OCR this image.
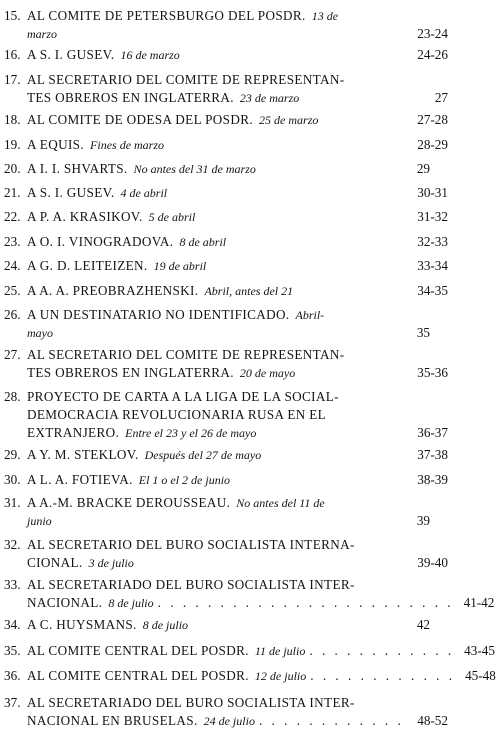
15. AL COMITE DE PETERSBURGO DEL POSDR. 13 de
marzo	23-24
16. A S. I. GUSEV. 16 de marzo	24-26
17. AL SECRETARIO DEL COMITE DE REPRESENTAN-
TES OBREROS EN INGLATERRA. 23 de marzo	27
18. AL COMITE DE ODESA DEL POSDR. 25 de marzo	27-28
19. A EQUIS. Fines de marzo	28-29
20. A I. I. SHVARTS. No antes del 31 de marzo	29
21. A S. I. GUSEV. 4 de abril	30-31
22. A P. A. KRASIKOV. 5 de abril	31-32
23. A O. I. VINOGRADOVA. 8 de abril	32-33
24. A G. D. LEITEIZEN. 19 de abril	33-34
25. A A. A. PREOBRAZHENSKI. Abril, antes del 21	34-35
26. A UN DESTINATARIO NO IDENTIFICADO. Abril-
mayo	35
27. AL SECRETARIO DEL COMITE DE REPRESENTAN-
TES OBREROS EN INGLATERRA. 20 de mayo	35-36
28. PROYECTO DE CARTA A LA LIGA DE LA SOCIAL-
DEMOCRACIA REVOLUCIONARIA RUSA EN EL
EXTRANJERO. Entre el 23 y el 26 de mayo	36-37
29. A Y. M. STEKLOV. Después del 27 de mayo	37-38
30. A L. A. FOTIEVA. El 1 o el 2 de junio	38-39
31. A A.-M. BRACKE DEROUSSEAU. No antes del 11 de
junio	39
32. AL SECRETARIO DEL BURO SOCIALISTA INTERNA-
CIONAL. 3 de julio	39-40
33. AL SECRETARIADO DEL BURO SOCIALISTA INTER-
NACIONAL. 8 de julio . . . . . . . . . . . . . . . . . . . . . . . . 41-42
34. A C. HUYSMANS. 8 de julio	42
35. AL COMITE CENTRAL DEL POSDR. 11 de julio . . . . . . . . . . . . 43-45
36. AL COMITE CENTRAL DEL POSDR. 12 de julio . . . . . . . . . . . . 45-48
37. AL SECRETARIADO DEL BURO SOCIALISTA INTER-
NACIONAL EN BRUSELAS. 24 de julio . . . . . . . . . . . .	48-52
